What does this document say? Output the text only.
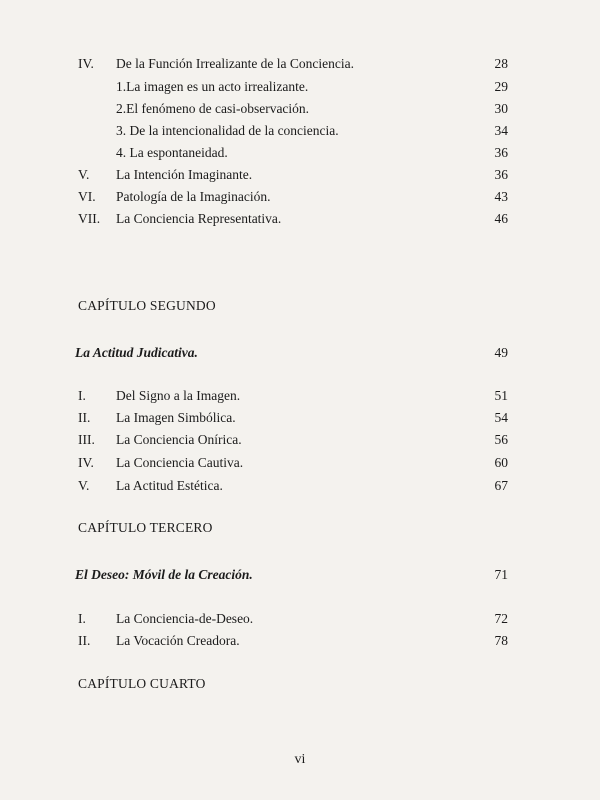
IV. De la Función Irrealizante de la Conciencia.	28
1.La imagen es un acto irrealizante.	29
2.El fenómeno de casi-observación.	30
3. De la intencionalidad de la conciencia.	34
4. La espontaneidad.	36
V. La Intención Imaginante.	36
VI. Patología de la Imaginación.	43
VII. La Conciencia Representativa.	46
CAPÍTULO SEGUNDO
La Actitud Judicativa.	49
I. Del Signo a la Imagen.	51
II. La Imagen Simbólica.	54
III. La Conciencia Onírica.	56
IV. La Conciencia Cautiva.	60
V. La Actitud Estética.	67
CAPÍTULO TERCERO
El Deseo: Móvil de la Creación.	71
I. La Conciencia-de-Deseo.	72
II. La Vocación Creadora.	78
CAPÍTULO CUARTO
vi
